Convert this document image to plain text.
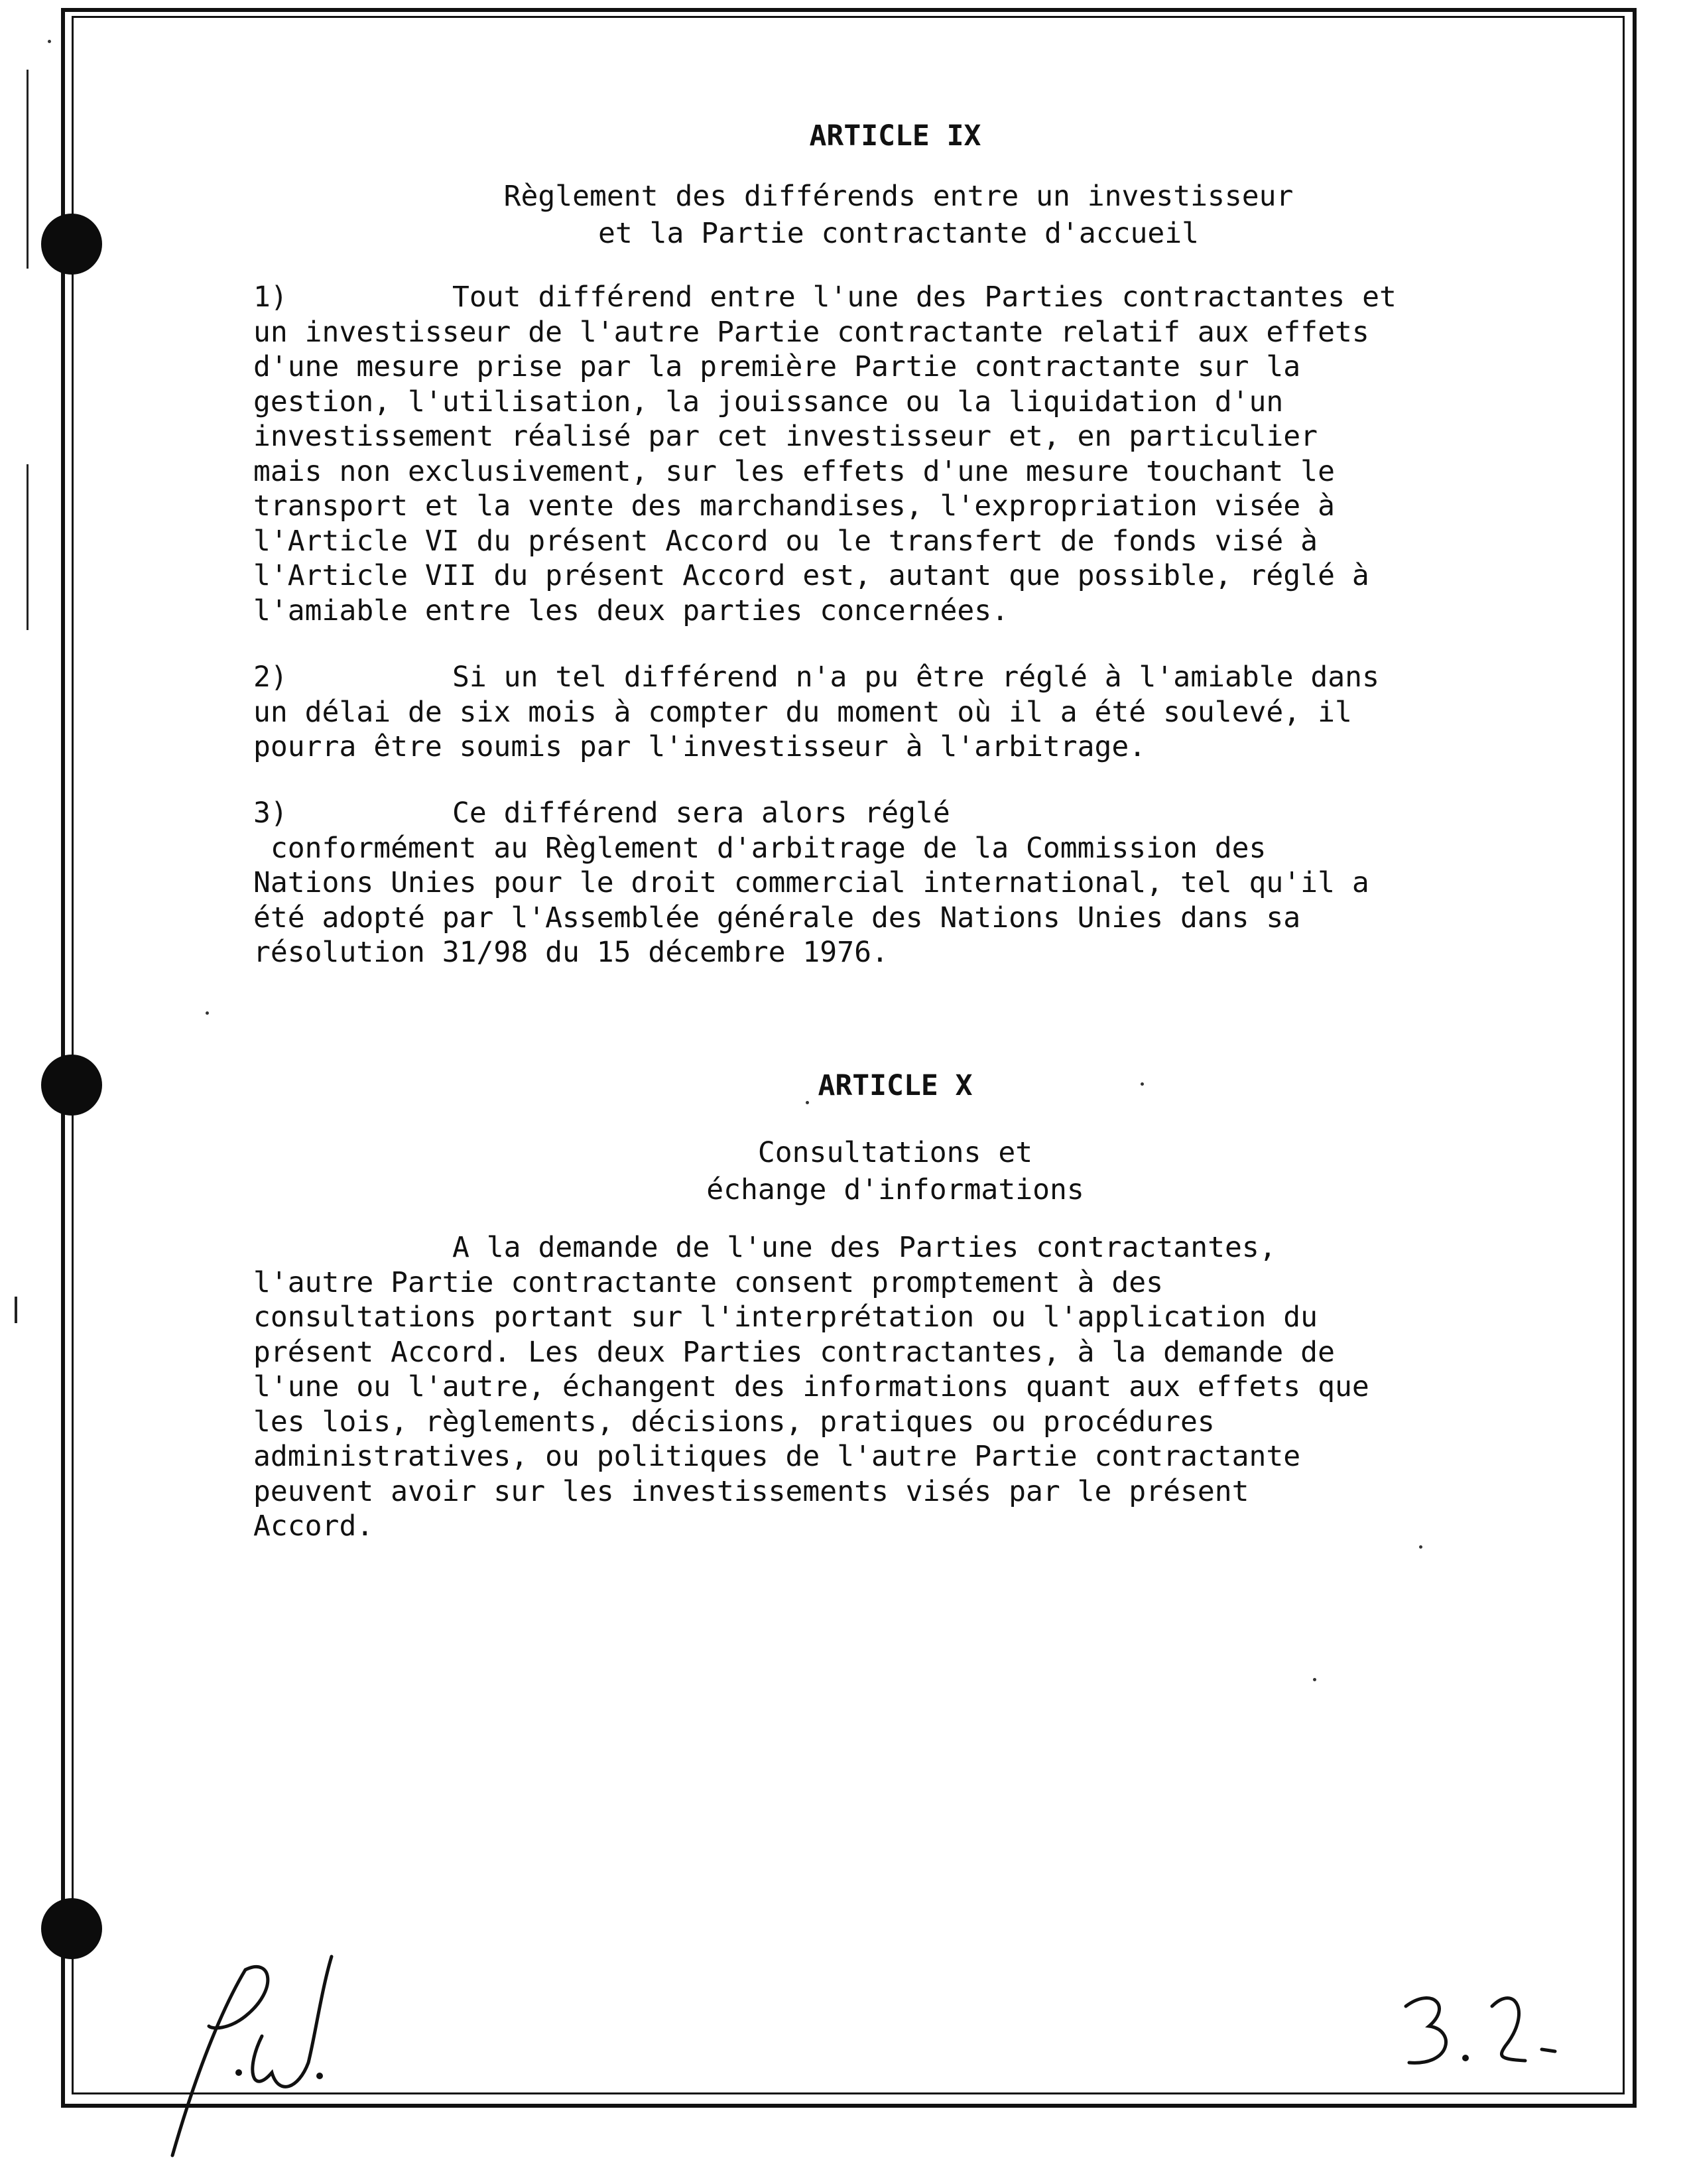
ARTICLE IX
Règlement des différends entre un investisseur
et la Partie contractante d'accueil
1)	Tout différend entre l'une des Parties contractantes et
un investisseur de l'autre Partie contractante relatif aux effets
d'une mesure prise par la première Partie contractante sur la
gestion, l'utilisation, la jouissance ou la liquidation d'un
investissement réalisé par cet investisseur et, en particulier
mais non exclusivement, sur les effets d'une mesure touchant le
transport et la vente des marchandises, l'expropriation visée à
l'Article VI du présent Accord ou le transfert de fonds visé à
l'Article VII du présent Accord est, autant que possible, réglé à
l'amiable entre les deux parties concernées.
2)	Si un tel différend n'a pu être réglé à l'amiable dans
un délai de six mois à compter du moment où il a été soulevé, il
pourra être soumis par l'investisseur à l'arbitrage.
3)	Ce différend sera alors réglé
conformément au Règlement d'arbitrage de la Commission des
Nations Unies pour le droit commercial international, tel qu'il a
été adopté par l'Assemblée générale des Nations Unies dans sa
résolution 31/98 du 15 décembre 1976.
ARTICLE X
Consultations et
échange d'informations
A la demande de l'une des Parties contractantes,
l'autre Partie contractante consent promptement à des
consultations portant sur l'interprétation ou l'application du
présent Accord. Les deux Parties contractantes, à la demande de
l'une ou l'autre, échangent des informations quant aux effets que
les lois, règlements, décisions, pratiques ou procédures
administratives, ou politiques de l'autre Partie contractante
peuvent avoir sur les investissements visés par le présent
Accord.
